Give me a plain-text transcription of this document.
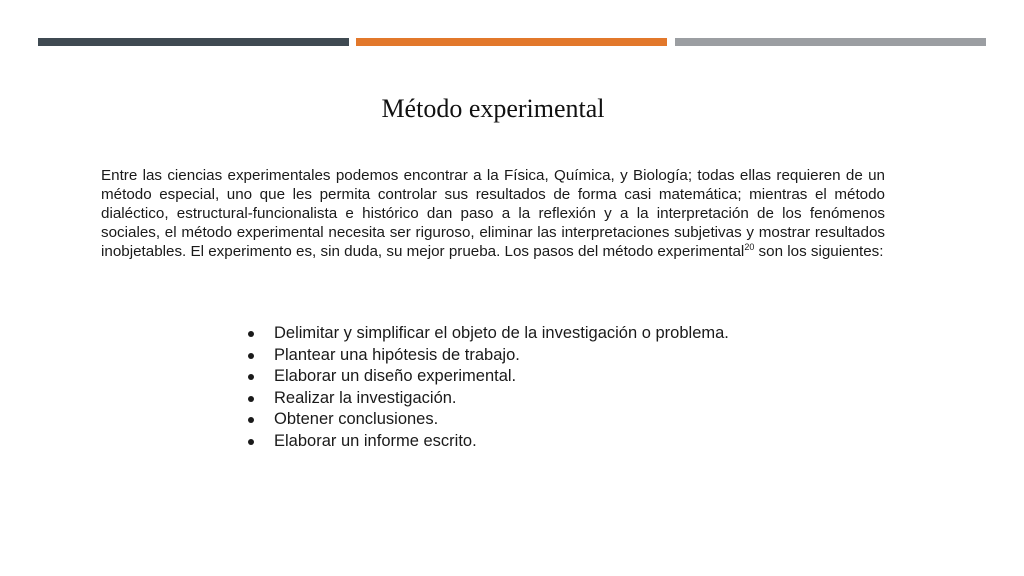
Método experimental

Entre las ciencias experimentales podemos encontrar a la Física, Química, y Biología; todas ellas requieren de un método especial, uno que les permita controlar sus resultados de forma casi matemática; mientras el método dialéctico, estructural-funcionalista e histórico dan paso a la reflexión y a la interpretación de los fenómenos sociales, el método experimental necesita ser riguroso, eliminar las interpretaciones subjetivas y mostrar resultados inobjetables. El experimento es, sin duda, su mejor prueba. Los pasos del método experimental$^{20}$ son los siguientes:

Delimitar y simplificar el objeto de la investigación o problema.
Plantear una hipótesis de trabajo.
Elaborar un diseño experimental.
Realizar la investigación.
Obtener conclusiones.
Elaborar un informe escrito.
